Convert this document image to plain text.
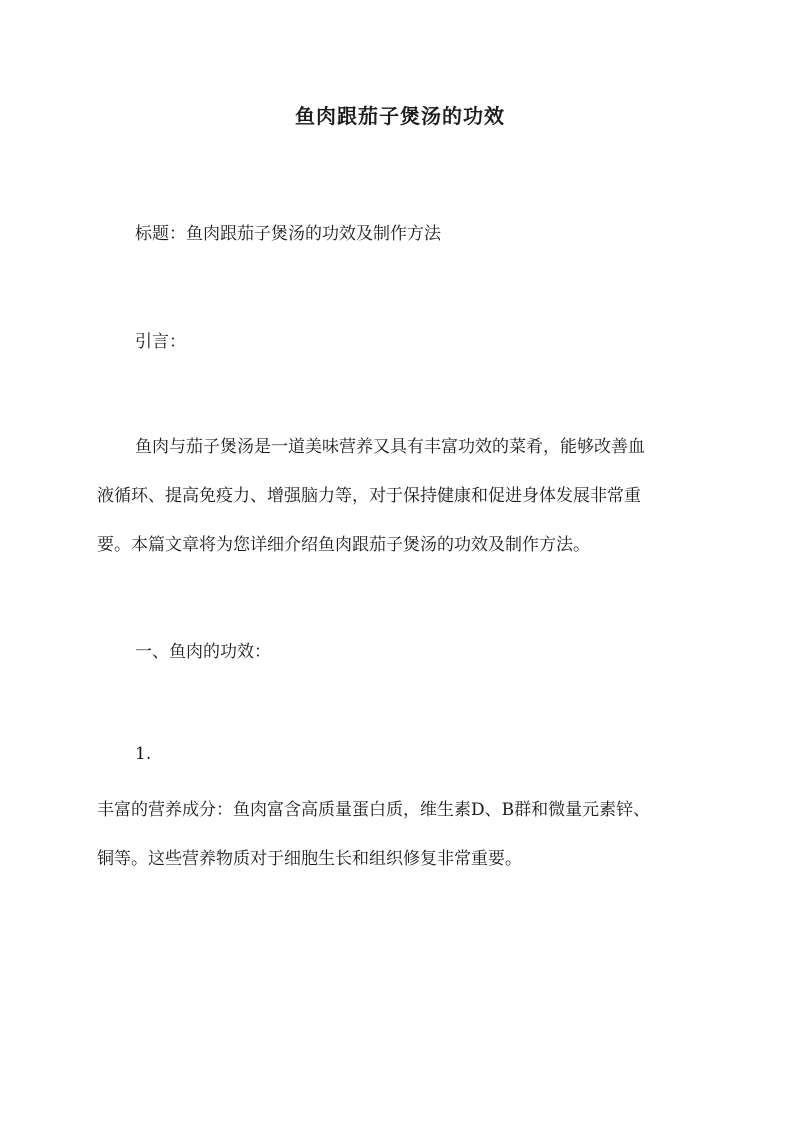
鱼肉跟茄子煲汤的功效
标题：鱼肉跟茄子煲汤的功效及制作方法
引言：
鱼肉与茄子煲汤是一道美味营养又具有丰富功效的菜肴，能够改善血
液循环、提高免疫力、增强脑力等，对于保持健康和促进身体发展非常重
要。本篇文章将为您详细介绍鱼肉跟茄子煲汤的功效及制作方法。
一、鱼肉的功效：
1.
丰富的营养成分：鱼肉富含高质量蛋白质，维生素D、B群和微量元素锌、
铜等。这些营养物质对于细胞生长和组织修复非常重要。
